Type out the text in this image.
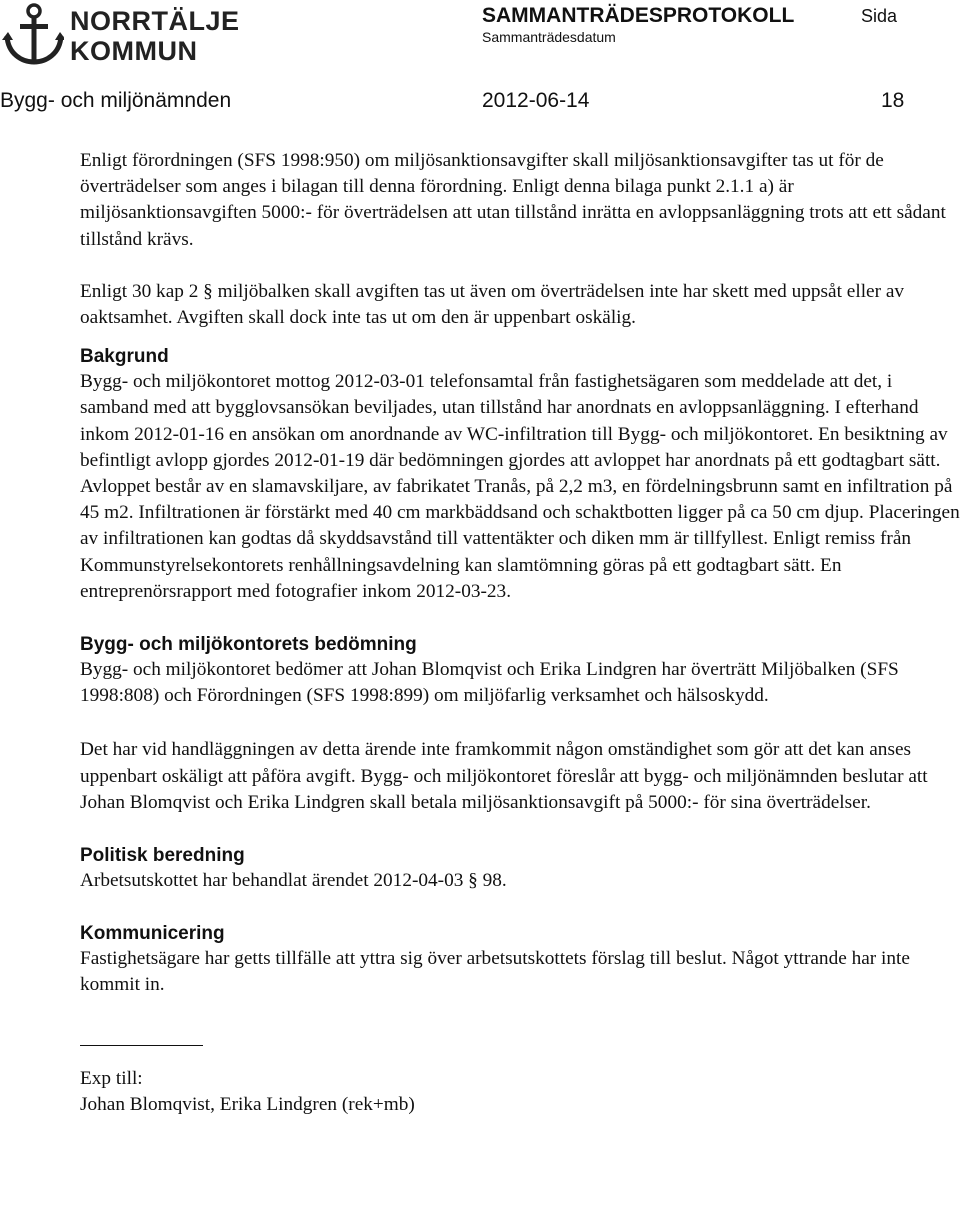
NORRTÄLJE
KOMMUN
SAMMANTRÄDESPROTOKOLL	Sida
Sammanträdesdatum
Bygg- och miljönämnden	2012-06-14	18

Enligt förordningen (SFS 1998:950) om miljösanktionsavgifter skall miljösanktionsavgifter tas ut för de överträdelser som anges i bilagan till denna förordning. Enligt denna bilaga punkt 2.1.1 a) är miljösanktionsavgiften 5000:- för överträdelsen att utan tillstånd inrätta en avloppsanläggning trots att ett sådant tillstånd krävs.

Enligt 30 kap 2 § miljöbalken skall avgiften tas ut även om överträdelsen inte har skett med uppsåt eller av oaktsamhet. Avgiften skall dock inte tas ut om den är uppenbart oskälig.

Bakgrund

Bygg- och miljökontoret mottog 2012-03-01 telefonsamtal från fastighetsägaren som meddelade att det, i samband med att bygglovsansökan beviljades, utan tillstånd har anordnats en avloppsanläggning. I efterhand inkom 2012-01-16 en ansökan om anordnande av WC-infiltration till Bygg- och miljökontoret. En besiktning av befintligt avlopp gjordes 2012-01-19 där bedömningen gjordes att avloppet har anordnats på ett godtagbart sätt. Avloppet består av en slamavskiljare, av fabrikatet Tranås, på 2,2 m3, en fördelningsbrunn samt en infiltration på 45 m2. Infiltrationen är förstärkt med 40 cm markbäddsand och schaktbotten ligger på ca 50 cm djup. Placeringen av infiltrationen kan godtas då skyddsavstånd till vattentäkter och diken mm är tillfyllest. Enligt remiss från Kommunstyrelsekontorets renhållningsavdelning kan slamtömning göras på ett godtagbart sätt. En entreprenörsrapport med fotografier inkom 2012-03-23.

Bygg- och miljökontorets bedömning

Bygg- och miljökontoret bedömer att Johan Blomqvist och Erika Lindgren har överträtt Miljöbalken (SFS 1998:808) och Förordningen (SFS 1998:899) om miljöfarlig verksamhet och hälsoskydd.

Det har vid handläggningen av detta ärende inte framkommit någon omständighet som gör att det kan anses uppenbart oskäligt att påföra avgift. Bygg- och miljökontoret föreslår att bygg- och miljönämnden beslutar att Johan Blomqvist och Erika Lindgren skall betala miljösanktionsavgift på 5000:- för sina överträdelser.

Politisk beredning

Arbetsutskottet har behandlat ärendet 2012-04-03 § 98.

Kommunicering

Fastighetsägare har getts tillfälle att yttra sig över arbetsutskottets förslag till beslut. Något yttrande har inte kommit in.

Exp till:

Johan Blomqvist, Erika Lindgren (rek+mb)
